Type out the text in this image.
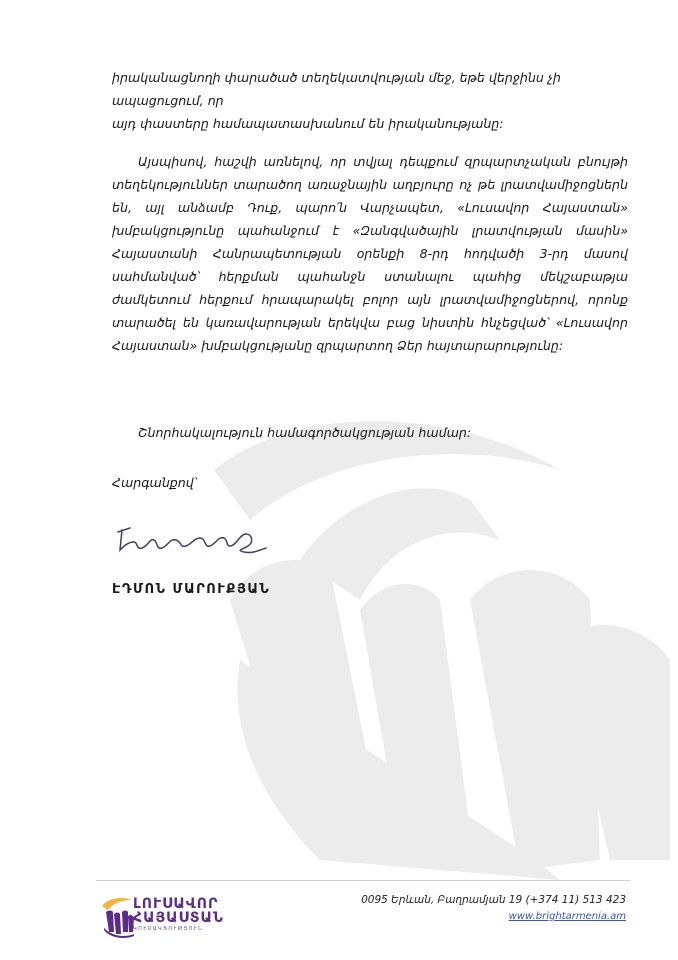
իրականացնողի փարածած տեղեկատվության մեջ, եթե վերջինս չի ապացուցում, որ

այդ փաստերը համապատասխանում են իրականությանը:

Այսպիսով, հաշվի առնելով, որ տվյալ դեպքում զրպարտչական բնույթի տեղեկություններ տարածող առաջնային աղբյուրը ոչ թե լրատվամիջոցներն են, այլ անձամբ Դուք, պարո՛ն Վարչապետ, «Լուսավոր Հայաստան» խմբակցությունը պահանջում է «Զանգվածային լրատվության մասին» Հայաստանի Հանրապետության օրենքի 8-րդ հոդվածի 3-րդ մասով սահմանված՝ հերքման պահանջն ստանալու պահից մեկշաբաթյա ժամկետում հերքում հրապարակել բոլոր այն լրատվամիջոցներով, որոնք տարածել են կառավարության երեկվա բաց նիստին հնչեցված՝ «Լուսավոր Հայաստան» խմբակցությանը զրպարտող Ձեր հայտարարությունը:
Շնորհակալություն համագործակցության համար:
Հարգանքով՝
ԷԴՄՈՆ ՄԱՐՈՒՔՅԱՆ
ԼՈՒՍԱՎՈՐ
ՀԱՅԱՍՏԱՆ
ԿՈՒՍԱԿՑՈՒԹՅՈՒՆ
0095 Երևան, Բաղրամյան 19 (+374 11) 513 423
www.brightarmenia.am
